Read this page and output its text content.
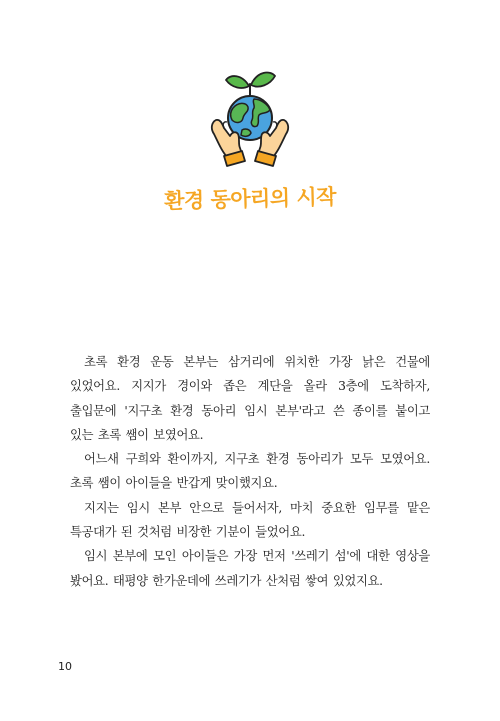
환경 동아리의 시작

초록 환경 운동 본부는 삼거리에 위치한 가장 낡은 건물에 있었어요. 지지가 경이와 좁은 계단을 올라 3층에 도착하자, 출입문에 '지구초 환경 동아리 임시 본부'라고 쓴 종이를 붙이고 있는 초록 쌤이 보였어요.

어느새 구희와 환이까지, 지구초 환경 동아리가 모두 모였어요. 초록 쌤이 아이들을 반갑게 맞이했지요.

지지는 임시 본부 안으로 들어서자, 마치 중요한 임무를 맡은 특공대가 된 것처럼 비장한 기분이 들었어요.

임시 본부에 모인 아이들은 가장 먼저 '쓰레기 섬'에 대한 영상을 봤어요. 태평양 한가운데에 쓰레기가 산처럼 쌓여 있었지요.

10
